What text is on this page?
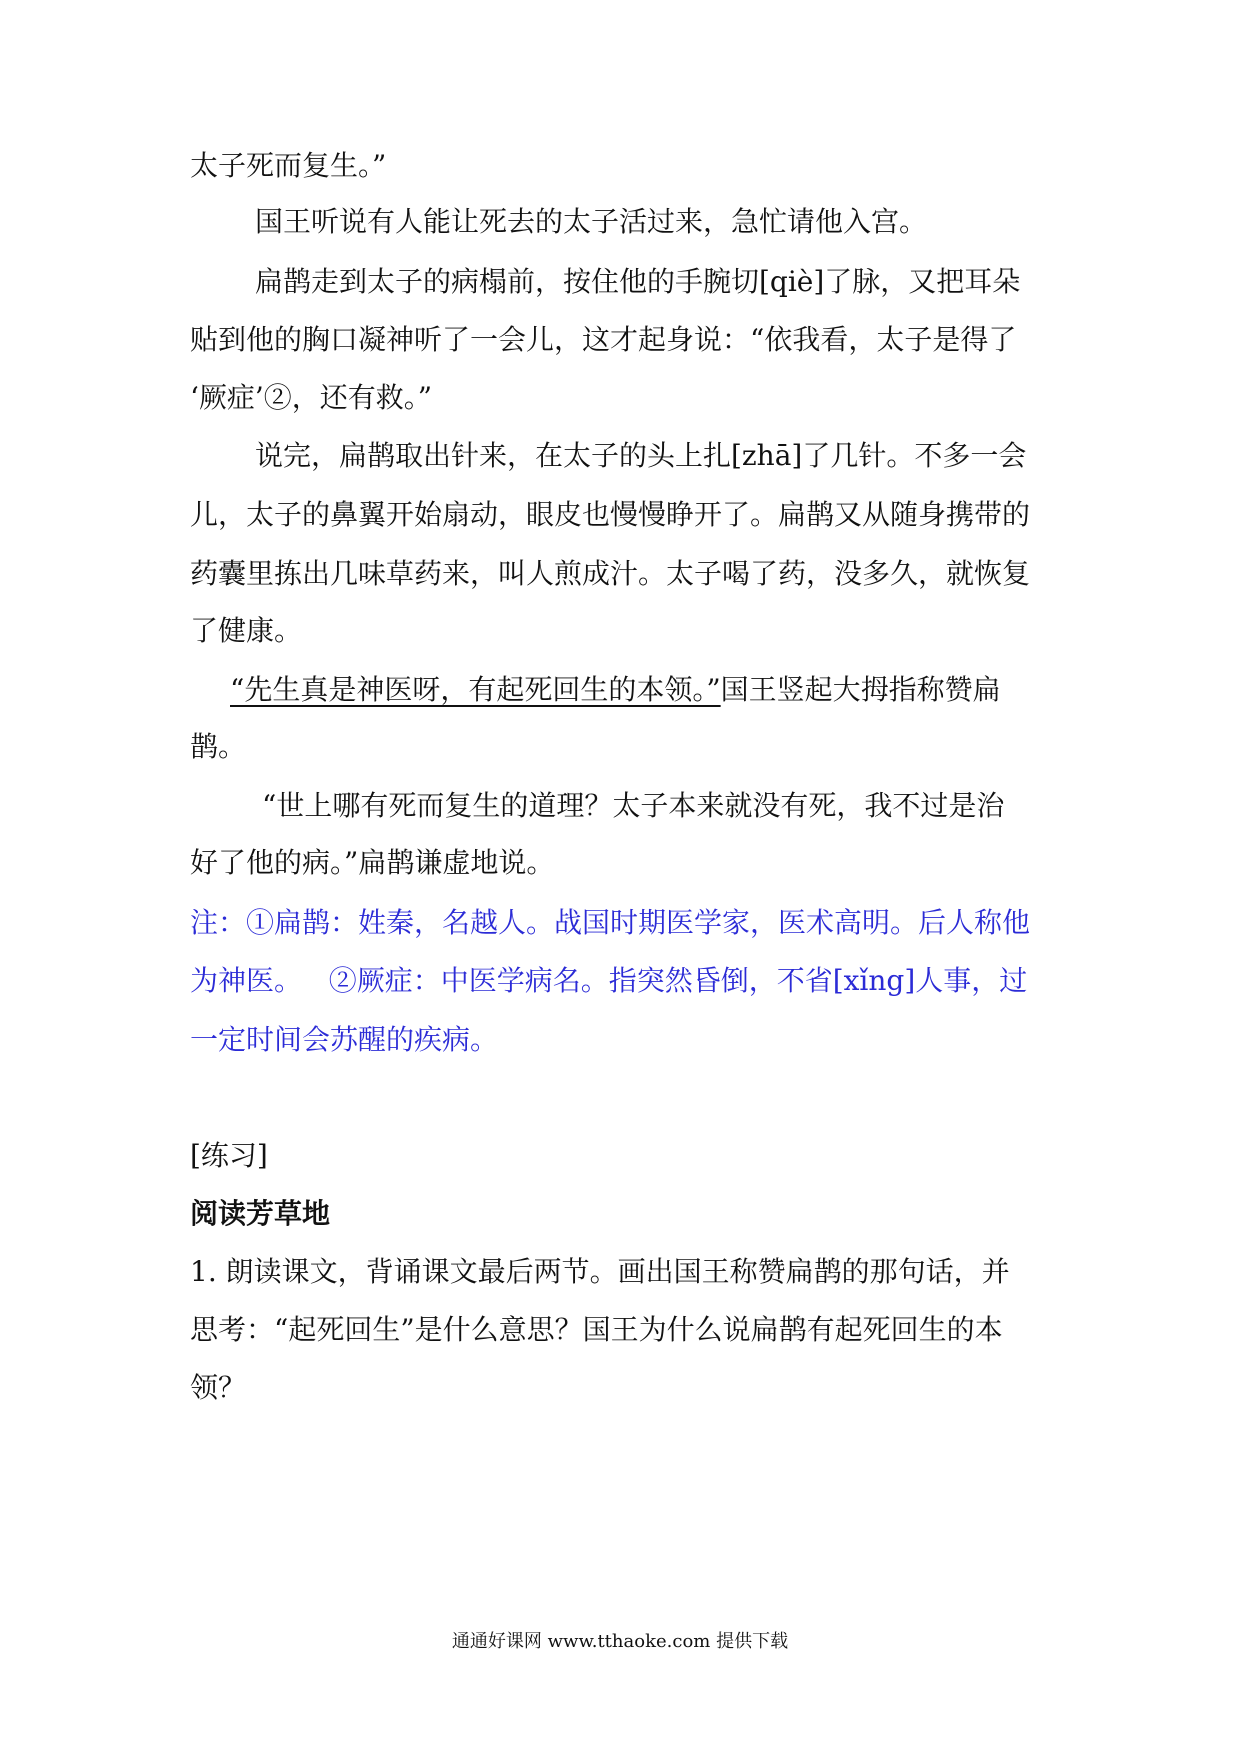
太子死而复生。”
国王听说有人能让死去的太子活过来，急忙请他入宫。
扁鹊走到太子的病榻前，按住他的手腕切[qiè]了脉，又把耳朵
贴到他的胸口凝神听了一会儿，这才起身说：“依我看，太子是得了
‘厥症’②，还有救。”
说完，扁鹊取出针来，在太子的头上扎[zhā]了几针。不多一会
儿，太子的鼻翼开始扇动，眼皮也慢慢睁开了。扁鹊又从随身携带的
药囊里拣出几味草药来，叫人煎成汁。太子喝了药，没多久，就恢复
了健康。
“先生真是神医呀，有起死回生的本领。”国王竖起大拇指称赞扁
鹊。
“世上哪有死而复生的道理？太子本来就没有死，我不过是治
好了他的病。”扁鹊谦虚地说。
注：①扁鹊：姓秦，名越人。战国时期医学家，医术高明。后人称他
为神医。   ②厥症：中医学病名。指突然昏倒，不省[xǐng]人事，过
一定时间会苏醒的疾病。
[练习]
阅读芳草地
1. 朗读课文，背诵课文最后两节。画出国王称赞扁鹊的那句话，并
思考：“起死回生”是什么意思？国王为什么说扁鹊有起死回生的本
领？
通通好课网 www.tthaoke.com 提供下载
